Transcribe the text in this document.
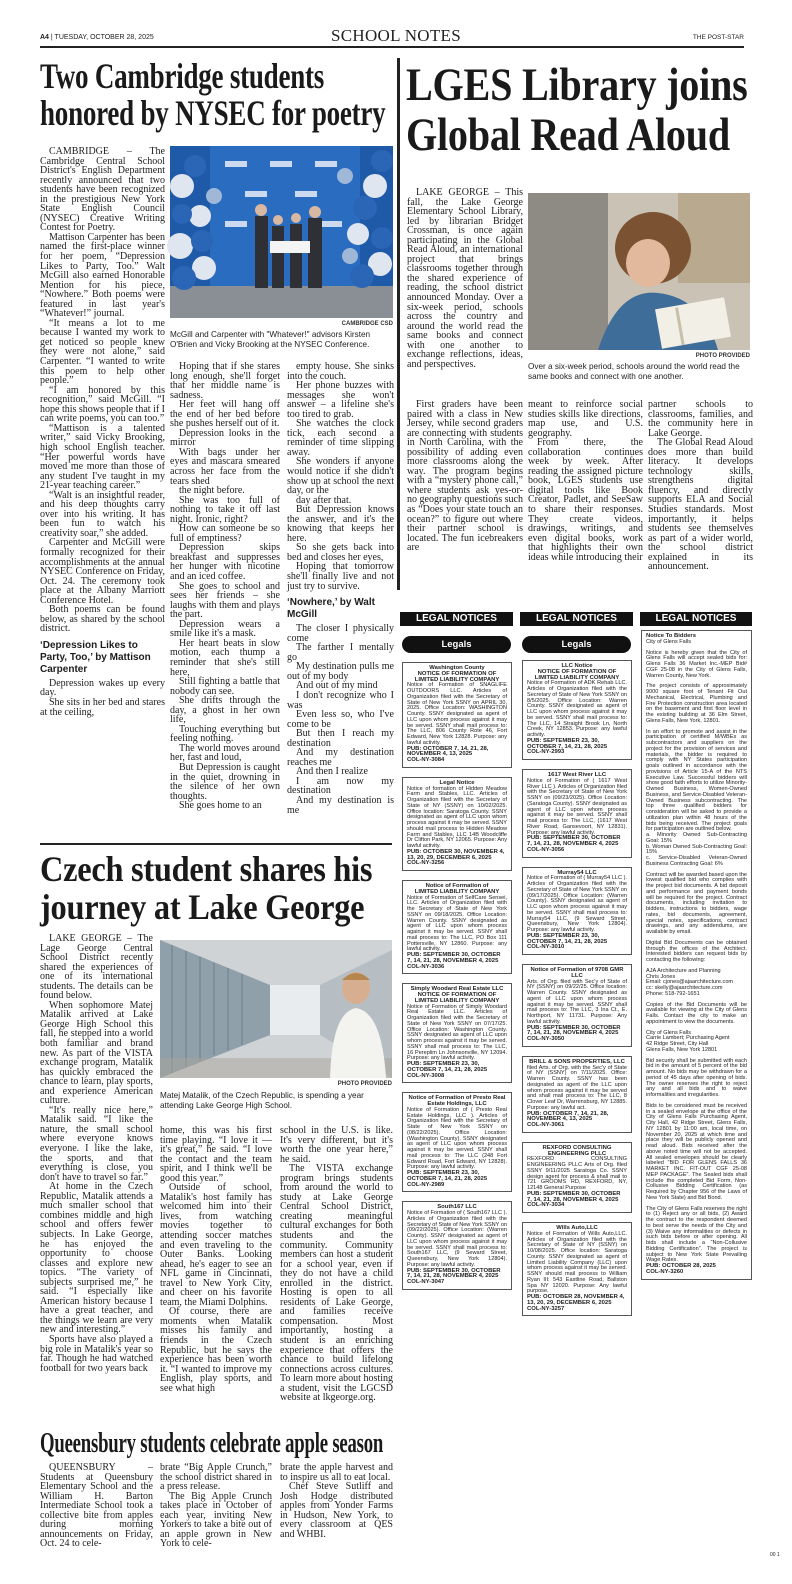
A4 | TUESDAY, OCTOBER 28, 2025	SCHOOL NOTES	THE POST-STAR
Two Cambridge students honored by NYSEC for poetry
CAMBRIDGE CSD
McGill and Carpenter with "Whatever!" advisors Kirsten O'Brien and Vicky Brooking at the NYSEC Conference.

CAMBRIDGE – The Cambridge Central School District's English Department recently announced that two students have been recognized in the prestigious New York State English Council (NYSEC) Creative Writing Contest for Poetry.

Mattison Carpenter has been named the first-place winner for her poem, “Depression Likes to Party, Too.” Walt McGill also earned Honorable Mention for his piece, “Nowhere.” Both poems were featured in last year's “Whatever!” journal.

“It means a lot to me because I wanted my work to get noticed so people knew they were not alone,” said Carpenter. “I wanted to write this poem to help other people.”

“I am honored by this recognition,” said McGill. “I hope this shows people that if I can write poems, you can too.”

“Mattison is a talented writer,” said Vicky Brooking, high school English teacher. “Her powerful words have moved me more than those of any student I've taught in my 21-year teaching career.”

“Walt is an insightful reader, and his deep thoughts carry over into his writing. It has been fun to watch his creativity soar,” she added.

Carpenter and McGill were formally recognized for their accomplishments at the annual NYSEC Conference on Friday, Oct. 24. The ceremony took place at the Albany Marriott Conference Hotel.

Both poems can be found below, as shared by the school district.

‘Depression Likes to Party, Too,’ by Mattison Carpenter

Depression wakes up every day.

She sits in her bed and stares at the ceiling,

Hoping that if she stares long enough, she'll forget that her middle name is sadness.

Her feet will hang off the end of her bed before she pushes herself out of it.

Depression looks in the mirror

With bags under her eyes and mascara smeared across her face from the tears shed

the night before.

She was too full of nothing to take it off last night. Ironic, right?

How can someone be so full of emptiness?

Depression skips breakfast and suppresses her hunger with nicotine and an iced coffee.

She goes to school and sees her friends – she laughs with them and plays the part.

Depression wears a smile like it's a mask.

Her heart beats in slow motion, each thump a reminder that she's still here,

Still fighting a battle that nobody can see.

She drifts through the day, a ghost in her own life,

Touching everything but feeling nothing.

The world moves around her, fast and loud,

But Depression is caught in the quiet, drowning in the silence of her own thoughts.

She goes home to an

empty house. She sinks into the couch.

Her phone buzzes with messages she won't answer – a lifeline she's too tired to grab.

She watches the clock tick, each second a reminder of time slipping away.

She wonders if anyone would notice if she didn't show up at school the next day, or the

day after that.

But Depression knows the answer, and it's the knowing that keeps her here.

So she gets back into bed and closes her eyes,

Hoping that tomorrow she'll finally live and not just try to survive.

‘Nowhere,’ by Walt McGill

The closer I physically come

The farther I mentally go

My destination pulls me out of my body

And out of my mind

I don't recognize who I was

Even less so, who I've come to be

But then I reach my destination

And my destination reaches me

And then I realize

I am now my destination

And my destination is me

LGES Library joins Global Read Aloud

LAKE GEORGE – This fall, the Lake George Elementary School Library, led by librarian Bridget Crossman, is once again participating in the Global Read Aloud, an international project that brings classrooms together through the shared experience of reading, the school district announced Monday. Over a six-week period, schools across the country and around the world read the same books and connect with one another to exchange reflections, ideas, and perspectives.

PHOTO PROVIDED
Over a six-week period, schools around the world read the same books and connect with one another.

First graders have been paired with a class in New Jersey, while second graders are connecting with students in North Carolina, with the possibility of adding even more classrooms along the way. The program begins with a “mystery phone call,” where students ask yes-or-no geography questions such as “Does your state touch an ocean?” to figure out where their partner school is located. The fun icebreakers are

meant to reinforce social studies skills like directions, map use, and U.S. geography.

From there, the collaboration continues week by week. After reading the assigned picture book, LGES students use digital tools like Book Creator, Padlet, and SeeSaw to share their responses. They create videos, drawings, writings, and even digital books, work that highlights their own ideas while introducing their

partner schools to classrooms, families, and the community here in Lake George.

The Global Read Aloud does more than build literacy. It develops technology skills, strengthens digital fluency, and directly supports ELA and Social Studies standards. Most importantly, it helps students see themselves as part of a wider world, the school district explained in its announcement.

LEGAL NOTICES	LEGAL NOTICES	LEGAL NOTICES
Legals	Legals
Washington County
NOTICE OF FORMATION OF LIMITED LIABILITY COMPANY

Notice of Formation of SNAGLIFE OUTDOORS LLC. Articles of Organization filed with the Secretary of State of New York SSNY on APRIL 30, 2025. Office Location: WASHINGTON County. SSNY designated as agent of LLC upon whom process against it may be served. SSNY shall mail process to: The LLC, 806 County Rote 46, Fort Edward, New York 12828. Purpose: any lawful activity.

PUB: OCTOBER 7, 14, 21, 28, NOVEMBER 4, 13, 2025
COL-NY-3084
Legal Notice

Notice of formation of Hidden Meadow Farm and Stables, LLC. Articles of Organization filed with the Secretary of State of NY (SSNY) on 10/02/2025. Office location: Saratoga County. SSNY designated as agent of LLC upon whom process against it may be served. SSNY should mail process to Hidden Meadow Farm and Stables, LLC 14B Woodcliffe Dr Clifton Park, NY 12065. Purpose: Any lawful activity.

PUB: OCTOBER 30, NOVEMBER 4, 13, 20, 29, DECEMBER 6, 2025
COL-NY-3256
Notice of Formation of
LIMITED LIABILITY COMPANY

Notice of Formation of SelfCare Sensei, LLC. Articles of Organization filed with the Secretary of State of New York SSNY on 09/18/2025. Office Location: Warren County. SSNY designated as agent of LLC upon whom process against it may be served. SSNY shall mail process to: The LLC, PO Box 111 Pottersville, NY 12860. Purpose: any lawful activity.

PUB: SEPTEMBER 30, OCTOBER 7, 14, 21, 28, NOVEMBER 4, 2025
COL-NY-3036
Simply Woodard Real Estate LLC
NOTICE OF FORMATION OF LIMITED LIABILITY COMPANY

Notice of Formation of Simply Woodard Real Estate LLC. Articles of Organization filed with the Secretary of State of New York SSNY on 07/17/25. Office Location: Washington County. SSNY designated as agent of LLC upon whom process against it may be served. SSNY shall mail process to: The LLC, 16 Pereplim Ln Johnsonville, NY 12094. Purpose: any lawful activity.

PUB: SEPTEMBER 23, 30, OCTOBER 7, 14, 21, 28, 2025
COL-NY-3008
Notice of Formation of Presto Real Estate Holdings, LLC

Notice of Formation of ( Presto Real Estate Holdings, LLC ). Articles of Organization filed with the Secretary of State of New York SSNY on (08/22/2025). Office Location: (Washington County). SSNY designated as agent of LLC upon whom process against it may be served. SSNY shall mail process to: The LLC (248 Fort Edward Road, Fort Edward, NY 12828). Purpose: any lawful activity.

PUB: SEPTEMBER 23, 30, OCTOBER 7, 14, 21, 28, 2025
COL-NY-2989
South167 LLC

Notice of Formation of ( South167 LLC ). Articles of Organization filed with the Secretary of State of New York SSNY on (09/22/2025). Office Location: (Warren County). SSNY designated as agent of LLC upon whom process against it may be served. SSNY shall mail process to: South167 LLC, (9 Seward Street, Queensbury, New York 12804). Purpose: any lawful activity.

PUB: SEPTEMBER 30, OCTOBER 7, 14, 21, 28, NOVEMBER 4, 2025
COL-NY-3047
LLC Notice
NOTICE OF FORMATION OF LIMITED LIABILITY COMPANY

Notice of Formation of ADK Rehab LLC. Articles of Organization filed with the Secretary of State of New York SSNY on 8/5/2025. Office Location: Warren County. SSNY designated as agent of LLC upon whom process against it may be served. SSNY shall mail process to: The LLC, 14 Straight Brook Ln, North Creek, NY 12853. Purpose: any lawful activity.

PUB: SEPTEMBER 23, 30, OCTOBER 7, 14, 21, 28, 2025
COL-NY-2993
1617 West River LLC

Notice of Formation of ( 1617 West River LLC ). Articles of Organization filed with the Secretary of State of New York SSNY on (09/23/2025). Office Location: (Saratoga County). SSNY designated as agent of LLC upon whom process against it may be served. SSNY shall mail process to: The LLC, (1617 West River Road, Gansevoort, NY 12831). Purpose: any lawful activity.

PUB: SEPTEMBER 30, OCTOBER 7, 14, 21, 28, NOVEMBER 4, 2025
COL-NY-3056
Murray54 LLC

Notice of Formation of ( Murray54 LLC ). Articles of Organization filed with the Secretary of State of New York SSNY on (09/17/2025). Office Location: (Warren County). SSNY designated as agent of LLC upon whom process against it may be served. SSNY shall mail process to: Murray54 LLC, (9 Seward Street, Queensbury, New York 12804). Purpose: any lawful activity.

PUB: SEPTEMBER 23, 30, OCTOBER 7, 14, 21, 28, 2025
COL-NY-3010
Notice of Formation of 9708 GMR LLC

Arts. of Org. filed with Sec'y of State of NY (SSNY) on 09/22/25. Office location: Warren County. SSNY designated as agent of LLC upon whom process against it may be served. SSNY shall mail process to: The LLC, 3 Ina Ct., E. Northport, NY 11731. Purpose: Any lawful activity.

PUB: SEPTEMBER 30, OCTOBER 7, 14, 21, 28, NOVEMBER 4, 2025
COL-NY-3050
BRILL & SONS PROPERTIES, LLC

filed Arts. of Org. with the Sec'y of State of NY (SSNY) on 7/11/2025. Office: Warren County. SSNY has been designated as agent of the LLC upon whom process against it may be served and shall mail process to: The LLC, 8 Clover Leaf Dr, Warrensburg, NY 12885. Purpose: any lawful act.

PUB: OCTOBER 7, 14, 21, 28, NOVEMBER 4, 13, 2025
COL-NY-3061
REXFORD CONSULTING ENGINEERING PLLC

REXFORD CONSULTING ENGINEERING PLLC Arts of Org. filed SSNY 9/11/2025 Saratoga Co. SSNY design agent for process & shall mail to 721 GROOMS RD, REXFORD, NY, 12148 General Purpose

PUB: SEPTEMBER 30, OCTOBER 7, 14, 21, 28, NOVEMBER 4, 2025
COL-NY-3034
Wills Auto,LLC

Notice of Formation of Wills Auto,LLC. Articles of Organization filed with the Secretary of State of NY (SSNY) on 10/08/2025. Office location: Saratoga County. SSNY designated as agent of Limited Liability Company (LLC) upon whom process against it may be served. SSNY should mail process to William Ryan III: 543 Eastline Road, Ballston Spa NY 12020. Purpose: Any lawful purpose.

PUB: OCTOBER 28, NOVEMBER 4, 13, 20, 29, DECEMBER 6, 2025
COL-NY-3257
Notice To Bidders

City of Glens Falls

Notice is hereby given that the City of Glens Falls will accept sealed bids for: Glens Falls 36 Market Inc.-MEP Bid# CGF 25-08 in the City of Glens Falls, Warren County, New York.

The project consists of approximately 9000 square foot of Tenant Fit Out Mechanical, Electrical, Plumbing and Fire Protection construction area located on the basement and first floor level in the existing building at 36 Elm Street, Glens Falls, New York, 12801.

In an effort to promote and assist in the participation of certified M/WBEs as subcontractors and suppliers on the project for the provision of services and materials, the bidder is required to comply with NY States participation goals outlined in accordance with the provisions of Article 15-A of the NTS Executive Law. Successful bidders will show good faith efforts to utilize Minority-Owned Business, Women-Owned Business, and Service-Disabled Veteran-Owned Business subcontracting. The top three qualified bidders for consideration will be asked to provide a utilization plan within 48 hours of the bids being received. The project goals for participation are outlined below.

a. Minority Owned Sub-Contracting Goal: 15%

b. Woman Owned Sub-Contracting Goal: 15%

c. Service-Disabled Veteran-Owned Business Contracting Goal: 6%

Contract will be awarded based upon the lowest qualified bid who complies with the project bid documents. A bid deposit and performance and payment bonds will be required for the project. Contract documents, including invitation to bidders, instructions to bidders, wage rates, bid documents, agreement, special notes, specifications, contract drawings, and any addendums, are available by email.

Digital Bid Documents can be obtained through the offices of the Architect. Interested bidders can request bids by contacting the following:

AJA Architecture and Planning

Chris Jones

Email: cjones@ajaarchitecture.com

cc: skelly@ajaarchitecture.com

Phone: 518-792-1651

Copies of the Bid Documents will be available for viewing at the City of Glens Falls. Contact the city to make an appointment to view the documents.

City of Glens Falls

Carrie Lambert; Purchasing Agent

42 Ridge Street, City Hall

Glens Falls, New York 12801

Bid security shall be submitted with each bid in the amount of 5 percent of the bid amount. No bids may be withdrawn for a period of 45 days after opening of bids. The owner reserves the right to reject any and all bids and to waive informalities and irregularities.

Bids to be considered must be received in a sealed envelope at the office of the City of Glens Falls Purchasing Agent, City Hall, 42 Ridge Street, Glens Falls, NY 12801 by 11:00 am, local time, on November 20, 2025 at which time and place they will be publicly opened and read aloud. Bids received after the above noted time will not be accepted. All sealed envelopes should be clearly labeled “BID FOR GLENS FALLS 36 MARKET INC. FIT-OUT CGF 25-08 MEP PACKAGE”. The Sealed bids shall include the completed Bid Form, Non-Collusive Bidding Certification (as Required by Chapter 956 of the Laws of New York State) and Bid Bond.

The City of Glens Falls reserves the right to (1) Reject any or all bids, (2) Award the contract to the respondent deemed to best serve the needs of the City and (3) Waive any informalities or defects in such bids before or after opening. All bids shall include a “Non-Collusive Bidding Certification”. The project is subject to New York State Prevailing Wage Rates.

PUB: OCTOBER 28, 2025
COL-NY-3260
00 1
Czech student shares his journey at Lake George

LAKE GEORGE – The Lage George Central School District recently shared the experiences of one of its international students. The details can be found below.

When sophomore Matej Matalik arrived at Lake George High School this fall, he stepped into a world both familiar and brand new. As part of the VISTA exchange program, Matalik has quickly embraced the chance to learn, play sports, and experience American culture.

“It's really nice here,” Matalik said. “I like the nature, the small school where everyone knows everyone. I like the lake, the sports, and that everything is close, you don't have to travel so far.”

At home in the Czech Republic, Matalik attends a much smaller school that combines middle and high school and offers fewer subjects. In Lake George, he has enjoyed the opportunity to choose classes and explore new topics. “The variety of subjects surprised me,” he said. “I especially like American history because I have a great teacher, and the things we learn are very new and interesting.”

Sports have also played a big role in Matalik's year so far. Though he had watched football for two years back

PHOTO PROVIDED
Matej Matalik, of the Czech Republic, is spending a year attending Lake George High School.

home, this was his first time playing. “I love it — it's great,” he said. “I love the contact and the team spirit, and I think we'll be good this year.”

Outside of school, Matalik's host family has welcomed him into their lives, from watching movies together to attending soccer matches and even traveling to the Outer Banks. Looking ahead, he's eager to see an NFL game in Cincinnati, travel to New York City, and cheer on his favorite team, the Miami Dolphins.

Of course, there are moments when Matalik misses his family and friends in the Czech Republic, but he says the experience has been worth it. “I wanted to improve my English, play sports, and see what high

school in the U.S. is like. It's very different, but it's worth the one year here,” he said.

The VISTA exchange program brings students from around the world to study at Lake George Central School District, creating meaningful cultural exchanges for both students and the community. Community members can host a student for a school year, even if they do not have a child enrolled in the district. Hosting is open to all residents of Lake George, and families receive compensation. Most importantly, hosting a student is an enriching experience that offers the chance to build lifelong connections across cultures. To learn more about hosting a student, visit the LGCSD website at lkgeorge.org.

Queensbury students celebrate apple season

QUEENSBURY – Students at Queensbury Elementary School and the William H. Barton Intermediate School took a collective bite from apples during morning announcements on Friday, Oct. 24 to cele-

brate “Big Apple Crunch,” the school district shared in a press release.

The Big Apple Crunch takes place in October of each year, inviting New Yorkers to take a bite out of an apple grown in New York to cele-

brate the apple harvest and to inspire us all to eat local.

Chef Steve Sutliff and Josh Hodge distributed apples from Yonder Farms in Hudson, New York, to every classroom at QES and WHBI.
